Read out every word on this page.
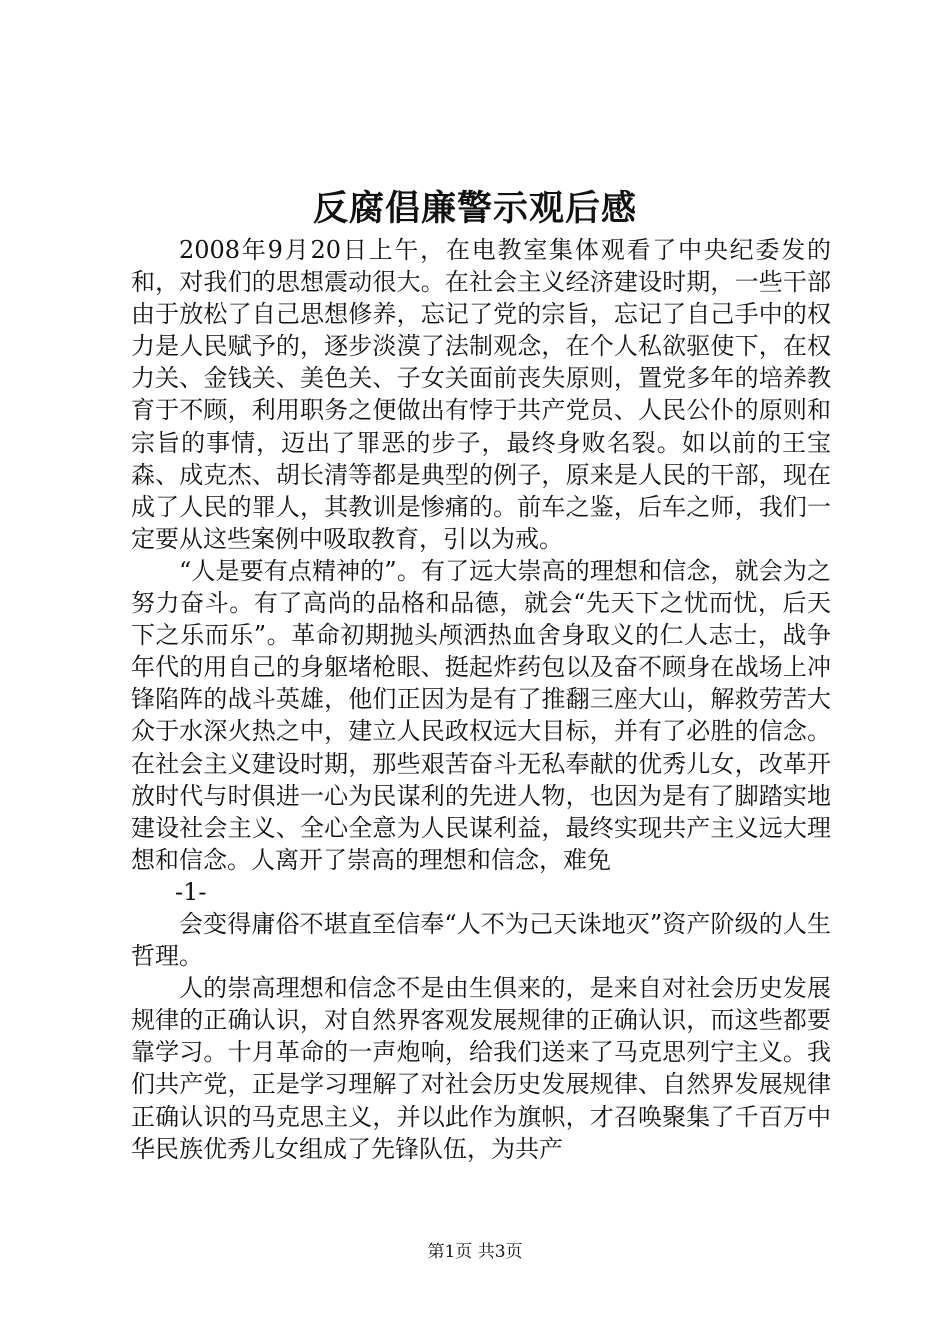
反腐倡廉警示观后感

2008年9月20日上午，在电教室集体观看了中央纪委发的和，对我们的思想震动很大。在社会主义经济建设时期，一些干部由于放松了自己思想修养，忘记了党的宗旨，忘记了自己手中的权力是人民赋予的，逐步淡漠了法制观念，在个人私欲驱使下，在权力关、金钱关、美色关、子女关面前丧失原则，置党多年的培养教育于不顾，利用职务之便做出有悖于共产党员、人民公仆的原则和宗旨的事情，迈出了罪恶的步子，最终身败名裂。如以前的王宝森、成克杰、胡长清等都是典型的例子，原来是人民的干部，现在成了人民的罪人，其教训是惨痛的。前车之鉴，后车之师，我们一定要从这些案例中吸取教育，引以为戒。

“人是要有点精神的”。有了远大崇高的理想和信念，就会为之努力奋斗。有了高尚的品格和品德，就会“先天下之忧而忧，后天下之乐而乐”。革命初期抛头颅洒热血舍身取义的仁人志士，战争年代的用自己的身躯堵枪眼、挺起炸药包以及奋不顾身在战场上冲锋陷阵的战斗英雄，他们正因为是有了推翻三座大山，解救劳苦大众于水深火热之中，建立人民政权远大目标，并有了必胜的信念。在社会主义建设时期，那些艰苦奋斗无私奉献的优秀儿女，改革开放时代与时俱进一心为民谋利的先进人物，也因为是有了脚踏实地建设社会主义、全心全意为人民谋利益，最终实现共产主义远大理想和信念。人离开了崇高的理想和信念，难免

-1-

会变得庸俗不堪直至信奉“人不为己天诛地灭”资产阶级的人生哲理。

人的崇高理想和信念不是由生俱来的，是来自对社会历史发展规律的正确认识，对自然界客观发展规律的正确认识，而这些都要靠学习。十月革命的一声炮响，给我们送来了马克思列宁主义。我们共产党，正是学习理解了对社会历史发展规律、自然界发展规律正确认识的马克思主义，并以此作为旗帜，才召唤聚集了千百万中华民族优秀儿女组成了先锋队伍，为共产

第1页 共3页
